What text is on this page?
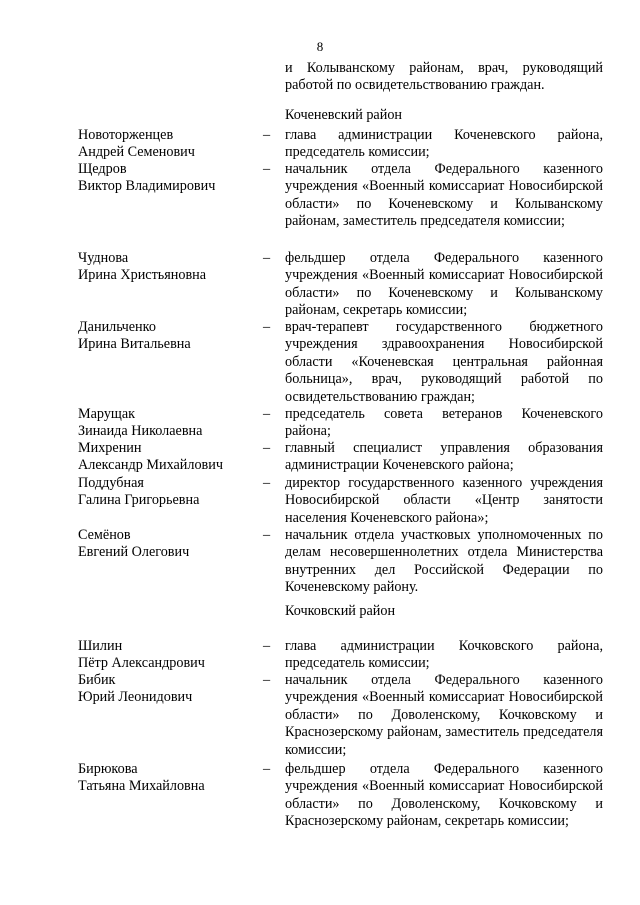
8
и Колыванскому районам, врач, руководящий работой по освидетельствованию граждан.
Коченевский район
Новоторженцев
Андрей Семенович
–	глава администрации Коченевского района, председатель комиссии;
Щедров
Виктор Владимирович
–	начальник отдела Федерального казенного учреждения «Военный комиссариат Новосибирской области» по Коченевскому и Колыванскому районам, заместитель председателя комиссии;
Чуднова
Ирина Христьяновна
–	фельдшер отдела Федерального казенного учреждения «Военный комиссариат Новосибирской области» по Коченевскому и Колыванскому районам, секретарь комиссии;
Данильченко
Ирина Витальевна
–	врач-терапевт государственного бюджетного учреждения здравоохранения Новосибирской области «Коченевская центральная районная больница», врач, руководящий работой по освидетельствованию граждан;
Марущак
Зинаида Николаевна
–	председатель совета ветеранов Коченевского района;
Михренин
Александр Михайлович
–	главный специалист управления образования администрации Коченевского района;
Поддубная
Галина Григорьевна
–	директор государственного казенного учреждения Новосибирской области «Центр занятости населения Коченевского района»;
Семёнов
Евгений Олегович
–	начальник отдела участковых уполномоченных по делам несовершеннолетних отдела Министерства внутренних дел Российской Федерации по Коченевскому району.
Кочковский район
Шилин
Пётр Александрович
–	глава администрации Кочковского района, председатель комиссии;
Бибик
Юрий Леонидович
–	начальник отдела Федерального казенного учреждения «Военный комиссариат Новосибирской области» по Доволенскому, Кочковскому и Краснозерскому районам, заместитель председателя комиссии;
Бирюкова
Татьяна Михайловна
–	фельдшер отдела Федерального казенного учреждения «Военный комиссариат Новосибирской области» по Доволенскому, Кочковскому и Краснозерскому районам, секретарь комиссии;
